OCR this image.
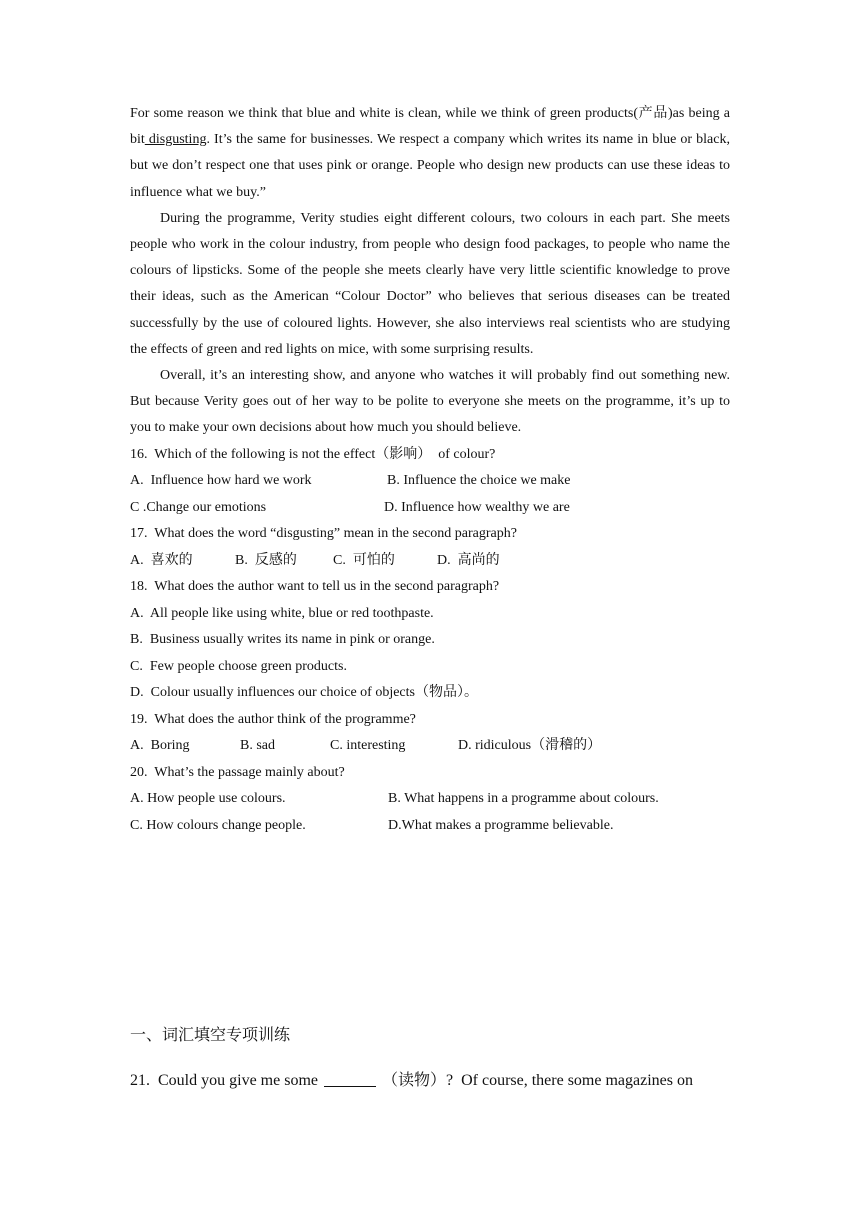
For some reason we think that blue and white is clean, while we think of green products(产品)as being a bit disgusting. It’s the same for businesses. We respect a company which writes its name in blue or black, but we don’t respect one that uses pink or orange. People who design new products can use these ideas to influence what we buy.”

During the programme, Verity studies eight different colours, two colours in each part. She meets people who work in the colour industry, from people who design food packages, to people who name the colours of lipsticks. Some of the people she meets clearly have very little scientific knowledge to prove their ideas, such as the American “Colour Doctor” who believes that serious diseases can be treated successfully by the use of coloured lights. However, she also interviews real scientists who are studying the effects of green and red lights on mice, with some surprising results.

Overall, it’s an interesting show, and anyone who watches it will probably find out something new. But because Verity goes out of her way to be polite to everyone she meets on the programme, it’s up to you to make your own decisions about how much you should believe.

16.  Which of the following is not the effect（影响）  of colour?

A.  Influence how hard we work

	B. Influence the choice we make

C .Change our emotions

	D. Influence how wealthy we are

17.  What does the word “disgusting” mean in the second paragraph?

A.  喜欢的

	B.  反感的

	C.  可怕的

	D.  高尚的

18.  What does the author want to tell us in the second paragraph?
A.  All people like using white, blue or red toothpaste.
B.  Business usually writes its name in pink or orange.
C.  Few people choose green products.
D.  Colour usually influences our choice of objects（物品）。
19.  What does the author think of the programme?

A.  Boring

	B. sad

	C. interesting

	D. ridiculous（滑稽的）

20.  What’s the passage mainly about?

A. How people use colours.

	B. What happens in a programme about colours.

C. How colours change people.

	D.What makes a programme believable.

一、词汇填空专项训练
21.  Could you give me some	（读物）?  Of course, there some magazines on
